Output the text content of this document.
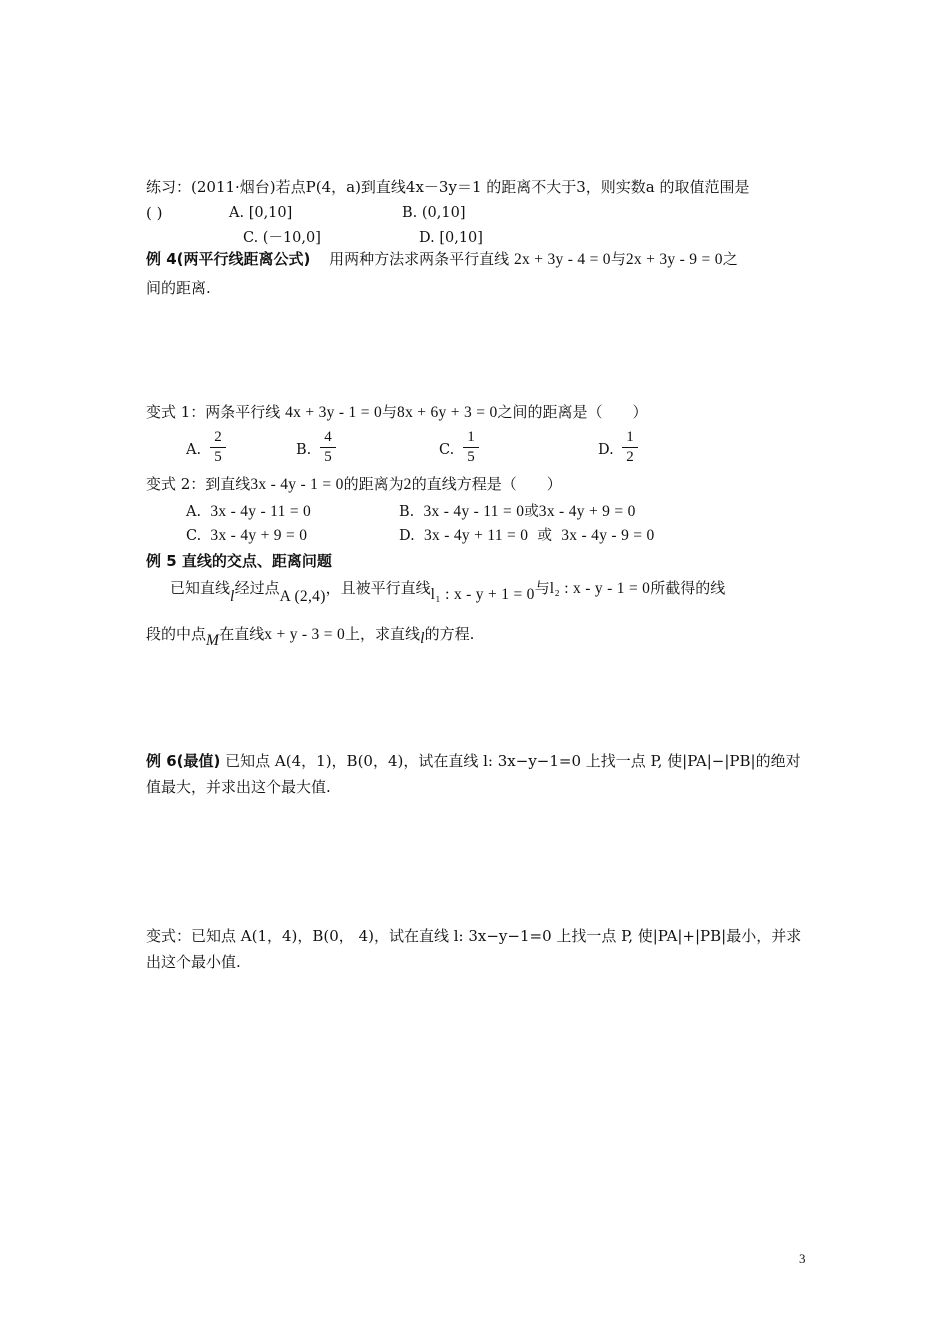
练习：(2011·烟台)若点P(4，a)到直线4x－3y＝1 的距离不大于3，则实数a 的取值范围是
( )	A. [0,10]	B. (0,10]
C. (－10,0]	D. [0,10]
例 4(两平行线距离公式) 用两种方法求两条平行直线 2x + 3y - 4 = 0与2x + 3y - 9 = 0之
间的距离.
变式 1：两条平行线 4x + 3y - 1 = 0与8x + 6y + 3 = 0之间的距离是（　　）
A.
2
5	B.
4
5	C.
1
5	D.
1
2
变式 2：到直线3x - 4y - 1 = 0的距离为2的直线方程是（　　）
A. 3x - 4y - 11 = 0	B. 3x - 4y - 11 = 0或3x - 4y + 9 = 0
C. 3x - 4y + 9 = 0	D. 3x - 4y + 11 = 0 或 3x - 4y - 9 = 0
例 5 直线的交点、距离问题
已知直线l经过点A (2,4)，且被平行直线l₁ : x - y + 1 = 0与l₂ : x - y - 1 = 0所截得的线
段的中点M在直线x + y - 3 = 0上，求直线l的方程.
例 6(最值) 已知点 A(4，1)，B(0，4)，试在直线 l: 3x−y−1=0 上找一点 P, 使|PA|−|PB|的绝对
值最大，并求出这个最大值.
变式：已知点 A(1，4)，B(0， 4)，试在直线 l: 3x−y−1=0 上找一点 P, 使|PA|+|PB|最小，并求
出这个最小值.
3
